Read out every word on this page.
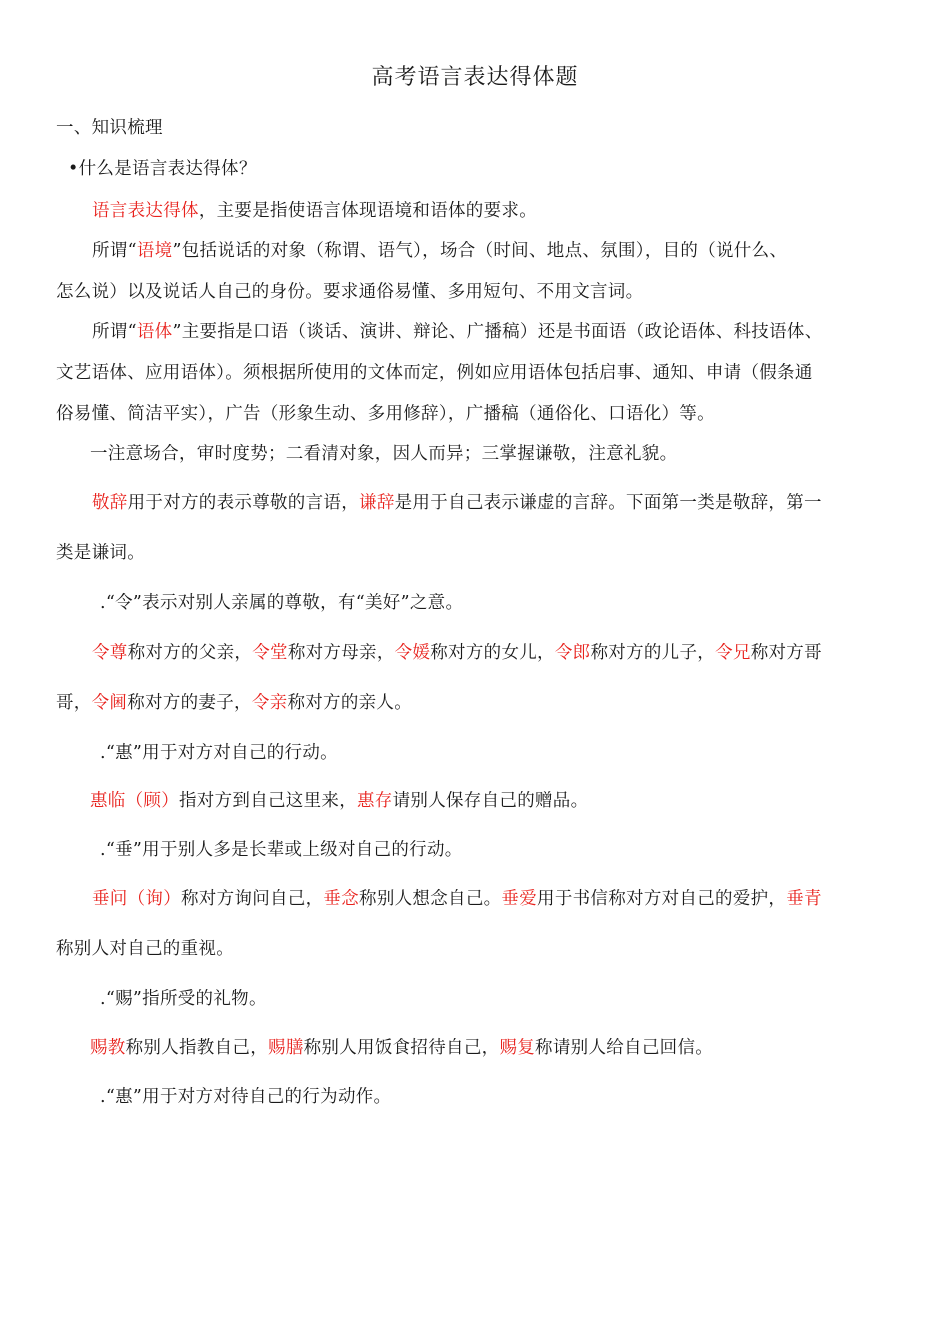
高考语言表达得体题
一、知识梳理
•什么是语言表达得体？
语言表达得体，主要是指使语言体现语境和语体的要求。
所谓“语境”包括说话的对象（称谓、语气），场合（时间、地点、氛围），目的（说什么、
怎么说）以及说话人自己的身份。要求通俗易懂、多用短句、不用文言词。
所谓“语体”主要指是口语（谈话、演讲、辩论、广播稿）还是书面语（政论语体、科技语体、
文艺语体、应用语体）。须根据所使用的文体而定，例如应用语体包括启事、通知、申请（假条通
俗易懂、简洁平实），广告（形象生动、多用修辞），广播稿（通俗化、口语化）等。
一注意场合，审时度势；二看清对象，因人而异；三掌握谦敬，注意礼貌。
敬辞用于对方的表示尊敬的言语，谦辞是用于自己表示谦虚的言辞。下面第一类是敬辞，第一
类是谦词。
.“令”表示对别人亲属的尊敬，有“美好”之意。
令尊称对方的父亲，令堂称对方母亲，令媛称对方的女儿，令郎称对方的儿子，令兄称对方哥
哥，令阃称对方的妻子，令亲称对方的亲人。
.“惠”用于对方对自己的行动。
惠临（顾）指对方到自己这里来，惠存请别人保存自己的赠品。
.“垂”用于别人多是长辈或上级对自己的行动。
垂问（询）称对方询问自己，垂念称别人想念自己。垂爱用于书信称对方对自己的爱护，垂青
称别人对自己的重视。
.“赐”指所受的礼物。
赐教称别人指教自己，赐膳称别人用饭食招待自己，赐复称请别人给自己回信。
.“惠”用于对方对待自己的行为动作。
